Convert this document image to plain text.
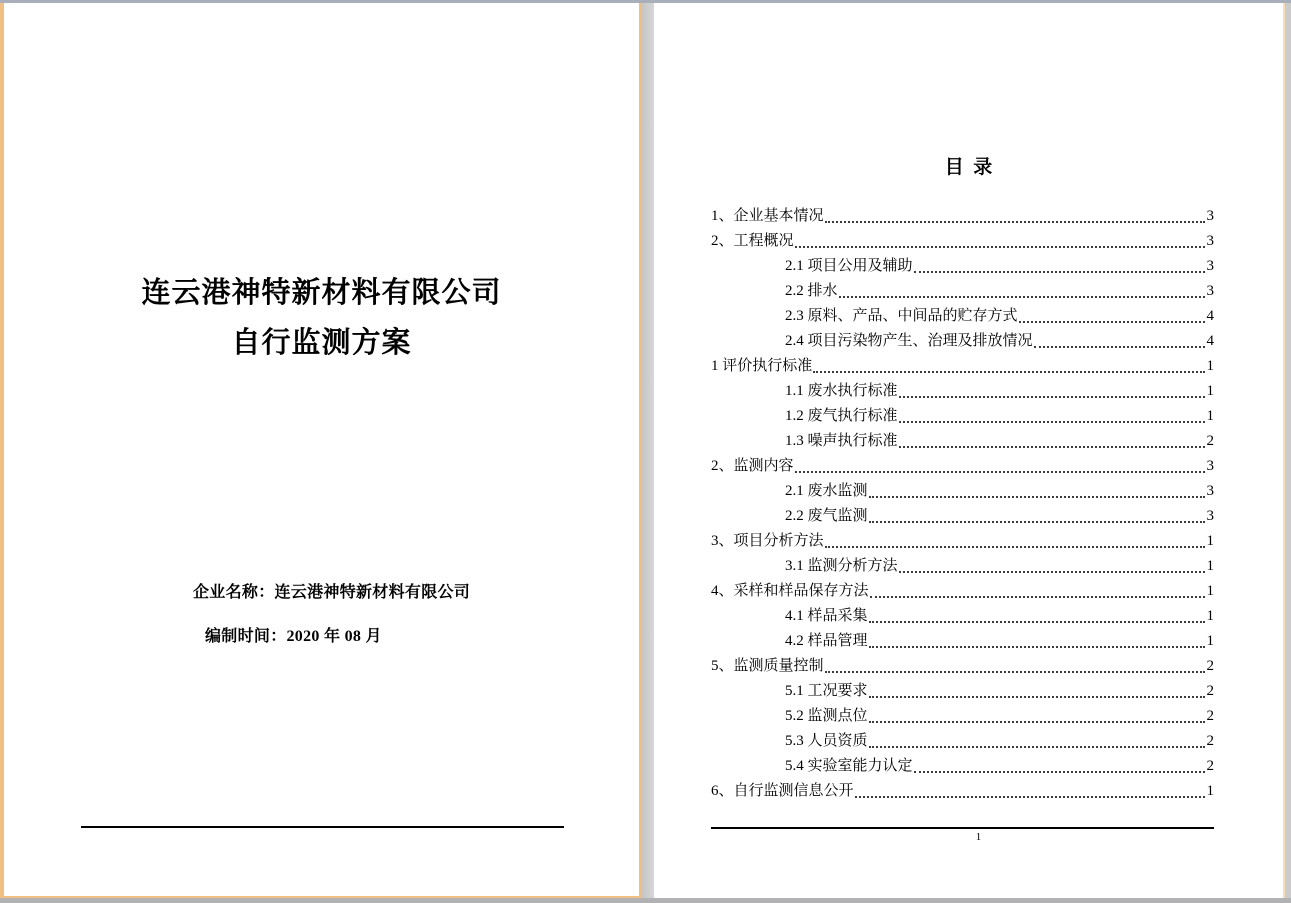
连云港神特新材料有限公司
自行监测方案
企业名称：连云港神特新材料有限公司
编制时间：2020 年 08 月
目  录
1、企业基本情况	3
2、工程概况	3
2.1 项目公用及辅助	3
2.2 排水	3
2.3 原料、产品、中间品的贮存方式	4
2.4 项目污染物产生、治理及排放情况	4
1 评价执行标准	1
1.1 废水执行标准	1
1.2 废气执行标准	1
1.3 噪声执行标准	2
2、监测内容	3
2.1 废水监测	3
2.2 废气监测	3
3、项目分析方法	1
3.1 监测分析方法	1
4、采样和样品保存方法	1
4.1 样品采集	1
4.2 样品管理	1
5、监测质量控制	2
5.1 工况要求	2
5.2 监测点位	2
5.3 人员资质	2
5.4 实验室能力认定	2
6、自行监测信息公开	1
1
